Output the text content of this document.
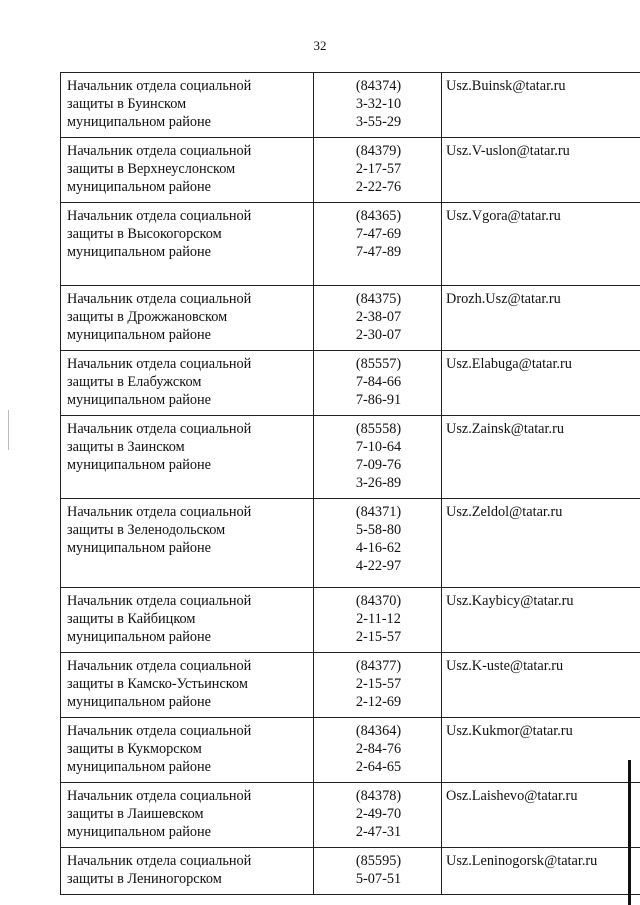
32
Начальник отдела социальной
защиты в Буинском
муниципальном районе	(84374)
3-32-10
3-55-29	Usz.Buinsk@tatar.ru

Начальник отдела социальной
защиты в Верхнеуслонском
муниципальном районе	(84379)
2-17-57
2-22-76	Usz.V-uslon@tatar.ru

Начальник отдела социальной
защиты в Высокогорском
муниципальном районе	(84365)
7-47-69
7-47-89	Usz.Vgora@tatar.ru

Начальник отдела социальной
защиты в Дрожжановском
муниципальном районе	(84375)
2-38-07
2-30-07	Drozh.Usz@tatar.ru

Начальник отдела социальной
защиты в Елабужском
муниципальном районе	(85557)
7-84-66
7-86-91	Usz.Elabuga@tatar.ru

Начальник отдела социальной
защиты в Заинском
муниципальном районе	(85558)
7-10-64
7-09-76
3-26-89	Usz.Zainsk@tatar.ru

Начальник отдела социальной
защиты в Зеленодольском
муниципальном районе	(84371)
5-58-80
4-16-62
4-22-97	Usz.Zeldol@tatar.ru

Начальник отдела социальной
защиты в Кайбицком
муниципальном районе	(84370)
2-11-12
2-15-57	Usz.Kaybicy@tatar.ru

Начальник отдела социальной
защиты в Камско-Устьинском
муниципальном районе	(84377)
2-15-57
2-12-69	Usz.K-uste@tatar.ru

Начальник отдела социальной
защиты в Кукморском
муниципальном районе	(84364)
2-84-76
2-64-65	Usz.Kukmor@tatar.ru

Начальник отдела социальной
защиты в Лаишевском
муниципальном районе	(84378)
2-49-70
2-47-31	Osz.Laishevo@tatar.ru

Начальник отдела социальной
защиты в Лениногорском	(85595)
5-07-51	Usz.Leninogorsk@tatar.ru
